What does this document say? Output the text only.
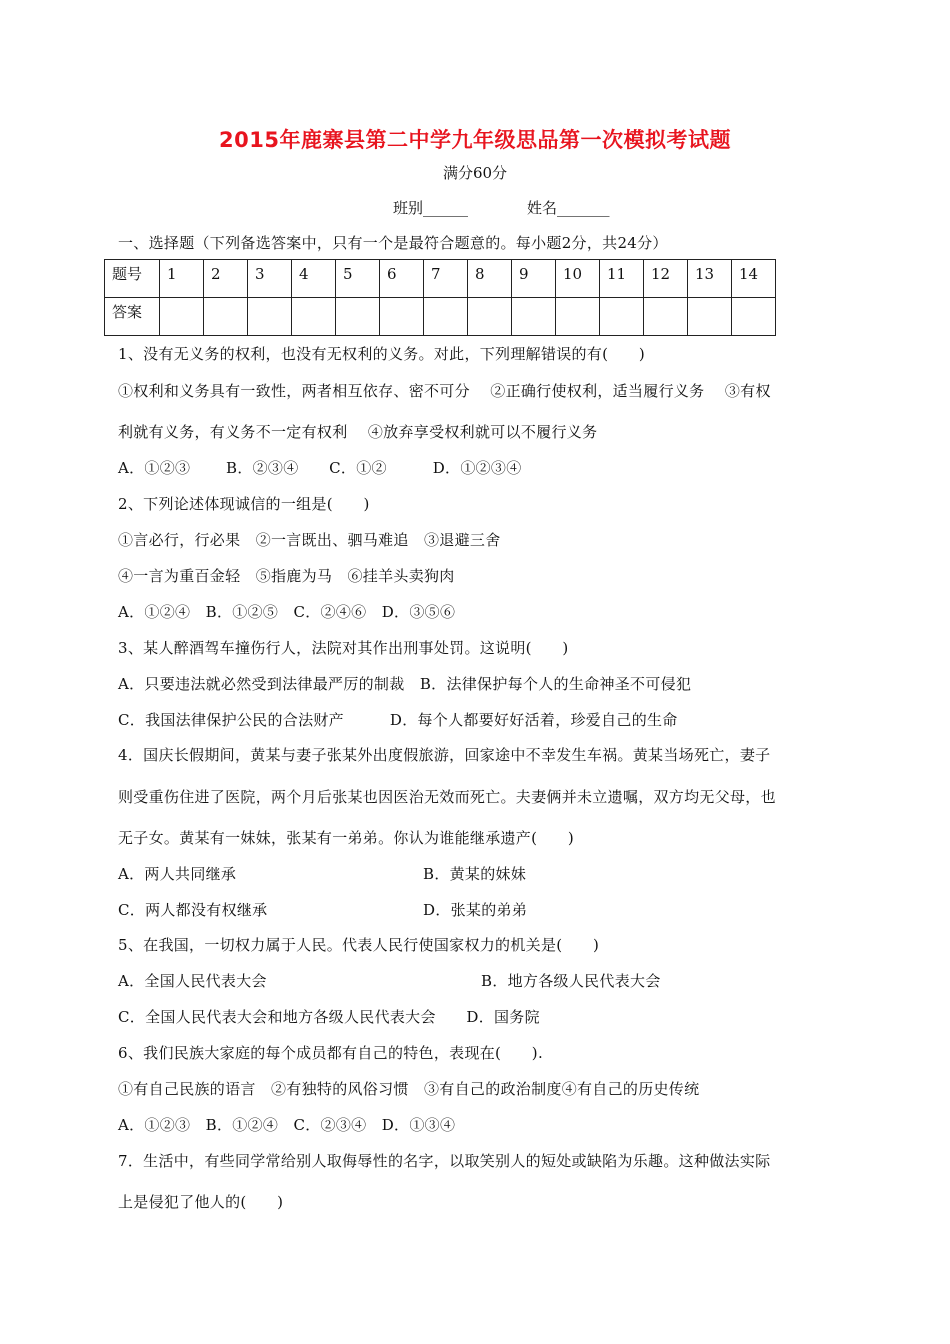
2015年鹿寨县第二中学九年级思品第一次模拟考试题
满分60分
班别______	姓名_______
一、选择题（下列备选答案中，只有一个是最符合题意的。每小题2分，共24分）
题号	1	2	3	4	5	6	7	8	9	10	11	12	13	14
答案														
1、没有无义务的权利，也没有无权利的义务。对此，下列理解错误的有(　　)
①权利和义务具有一致性，两者相互依存、密不可分　 ②正确行使权利，适当履行义务　 ③有权
利就有义务，有义务不一定有权利　 ④放弃享受权利就可以不履行义务
A．①②③　　 B．②③④　　C．①②　　　D．①②③④
2、下列论述体现诚信的一组是(　　)
①言必行，行必果　②一言既出、驷马难追　③退避三舍
④一言为重百金轻　⑤指鹿为马　⑥挂羊头卖狗肉
A．①②④　B．①②⑤　C．②④⑥　D．③⑤⑥
3、某人醉酒驾车撞伤行人，法院对其作出刑事处罚。这说明(　　)
A．只要违法就必然受到法律最严厉的制裁　B．法律保护每个人的生命神圣不可侵犯
C．我国法律保护公民的合法财产　　　D．每个人都要好好活着，珍爱自己的生命
4．国庆长假期间，黄某与妻子张某外出度假旅游，回家途中不幸发生车祸。黄某当场死亡，妻子
则受重伤住进了医院，两个月后张某也因医治无效而死亡。夫妻俩并未立遗嘱，双方均无父母，也
无子女。黄某有一妹妹，张某有一弟弟。你认为谁能继承遗产(　　)
A．两人共同继承	B．黄某的妹妹
C．两人都没有权继承	D．张某的弟弟
5、在我国，一切权力属于人民。代表人民行使国家权力的机关是(　　)
A．全国人民代表大会	B．地方各级人民代表大会
C．全国人民代表大会和地方各级人民代表大会　　D．国务院
6、我们民族大家庭的每个成员都有自己的特色，表现在(　　).
①有自己民族的语言　②有独特的风俗习惯　③有自己的政治制度④有自己的历史传统
A．①②③　B．①②④　C．②③④　D．①③④
7．生活中，有些同学常给别人取侮辱性的名字，以取笑别人的短处或缺陷为乐趣。这种做法实际
上是侵犯了他人的(　　)
